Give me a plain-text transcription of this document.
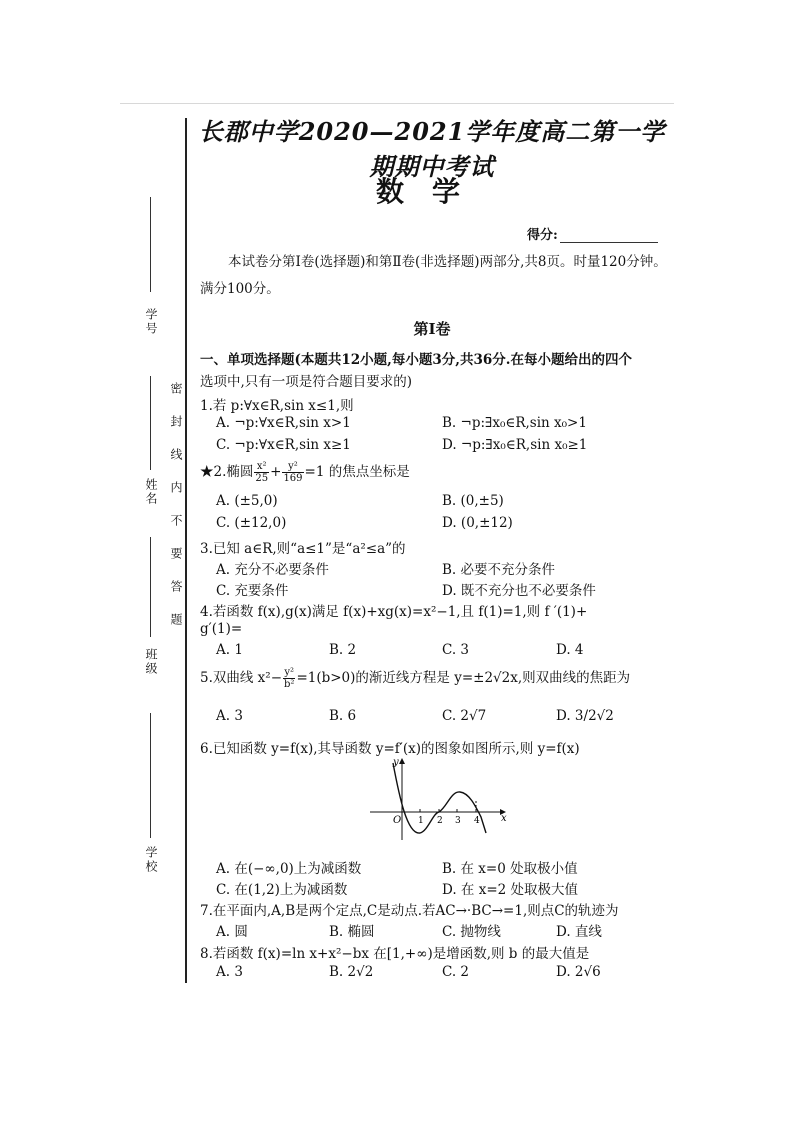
学号
姓名
班级
学校
密封线内不要答题
长郡中学2020—2021学年度高二第一学期期中考试
数学
得分:
本试卷分第Ⅰ卷(选择题)和第Ⅱ卷(非选择题)两部分,共8页。时量120分钟。满分100分。
第Ⅰ卷
一、单项选择题(本题共12小题,每小题3分,共36分.在每小题给出的四个
选项中,只有一项是符合题目要求的)
1.若 p:∀x∈R,sin x≤1,则
A. ¬p:∀x∈R,sin x>1	B. ¬p:∃x₀∈R,sin x₀>1
C. ¬p:∀x∈R,sin x≥1	D. ¬p:∃x₀∈R,sin x₀≥1
★2.椭圆 $\frac{\text{x²}}{25} + \frac{\text{y²}}{169} =1$ 的焦点坐标是
A. (±5,0)	B. (0,±5)
C. (±12,0)	D. (0,±12)
3.已知 a∈R,则“a≤1”是“a²≤a”的
A. 充分不必要条件	B. 必要不充分条件
C. 充要条件	D. 既不充分也不必要条件
4.若函数 f(x),g(x)满足 f(x)+xg(x)=x²−1,且 f(1)=1,则 f ′(1)+
g′(1)=
A. 1	B. 2	C. 3	D. 4
5.双曲线 $x^2- \frac{\text{y²}}{\text{b²}} =1(b>0)$的渐近线方程是 y=±2√2x,则双曲线的焦距为
A. 3	B. 6	C. 2√7	D. 3/2√2
6.已知函数 y=f(x),其导函数 y=f′(x)的图象如图所示,则 y=f(x)
y
O 1 2 3 4 x
A. 在(−∞,0)上为减函数	B. 在 x=0 处取极小值
C. 在(1,2)上为减函数	D. 在 x=2 处取极大值
7.在平面内,A,B是两个定点,C是动点.若AC→·BC→=1,则点C的轨迹为
A. 圆	B. 椭圆	C. 抛物线	D. 直线
8.若函数 f(x)=ln x+x²−bx 在[1,+∞)是增函数,则 b 的最大值是
A. 3	B. 2√2	C. 2	D. 2√6
